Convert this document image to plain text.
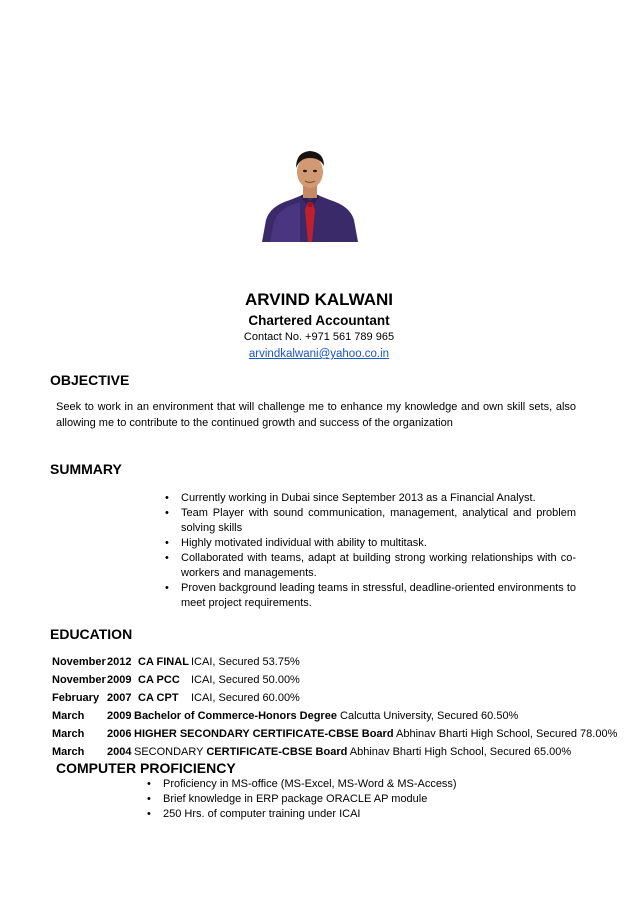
ARVIND KALWANI
Chartered Accountant
Contact No. +971 561 789 965
arvindkalwani@yahoo.co.in
OBJECTIVE
Seek to work in an environment that will challenge me to enhance my knowledge and own skill sets, also allowing me to contribute to the continued growth and success of the organization
SUMMARY
• Currently working in Dubai since September 2013 as a Financial Analyst.
• Team Player with sound communication, management, analytical and problem solving skills
• Highly motivated individual with ability to multitask.
• Collaborated with teams, adapt at building strong working relationships with co-workers and managements.
• Proven background leading teams in stressful, deadline-oriented environments to meet project requirements.
EDUCATION
November 2012 CA FINAL ICAI, Secured 53.75%
November 2009 CA PCC ICAI, Secured 50.00%
February 2007 CA CPT ICAI, Secured 60.00%
March 2009 Bachelor of Commerce-Honors Degree Calcutta University, Secured 60.50%
March 2006 HIGHER SECONDARY CERTIFICATE-CBSE Board Abhinav Bharti High School, Secured 78.00%
March 2004 SECONDARY CERTIFICATE-CBSE Board Abhinav Bharti High School, Secured 65.00%
COMPUTER PROFICIENCY
• Proficiency in MS-office (MS-Excel, MS-Word & MS-Access)
• Brief knowledge in ERP package ORACLE AP module
• 250 Hrs. of computer training under ICAI
